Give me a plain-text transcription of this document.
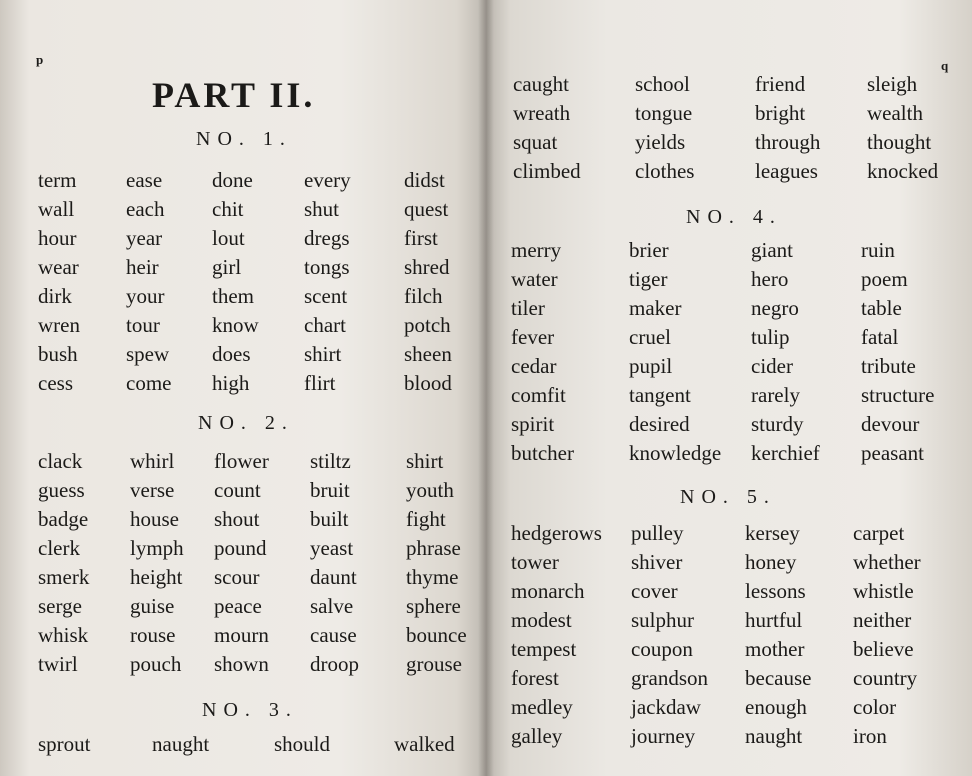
p
PART II.
NO. 1.
term ease done every	didst
wall each chit	shut	quest
hour year lout	dregs	first
wear heir	girl	tongs	shred
dirk	your them scent	filch
wren tour know chart	potch
bush spew does	shirt	sheen
cess	come high	flirt	blood
NO. 2.
clack whirl flower stiltz	shirt
guess verse count bruit	youth
badge house shout built	fight
clerk lymph pound yeast	phrase
smerk height scour daunt thyme
serge guise peace salve	sphere
whisk rouse mourn cause bounce
twirl pouch shown droop grouse
NO. 3.
sprout	naught	should	walked
q
caught	school	friend	sleigh
wreath	tongue	bright	wealth
squat	yields	through thought
climbed	clothes	leagues knocked
NO. 4.
merry	brier	giant	ruin
water	tiger	hero	poem
tiler	maker	negro	table
fever	cruel	tulip	fatal
cedar	pupil	cider	tribute
comfit	tangent	rarely	structure
spirit	desired	sturdy	devour
butcher	knowledge kerchief peasant
NO. 5.
hedgerows pulley	kersey	carpet
tower	shiver	honey	whether
monarch cover	lessons whistle
modest	sulphur hurtful neither
tempest	coupon mother believe
forest	grandson because country
medley	jackdaw enough color
galley	journey naught iron
